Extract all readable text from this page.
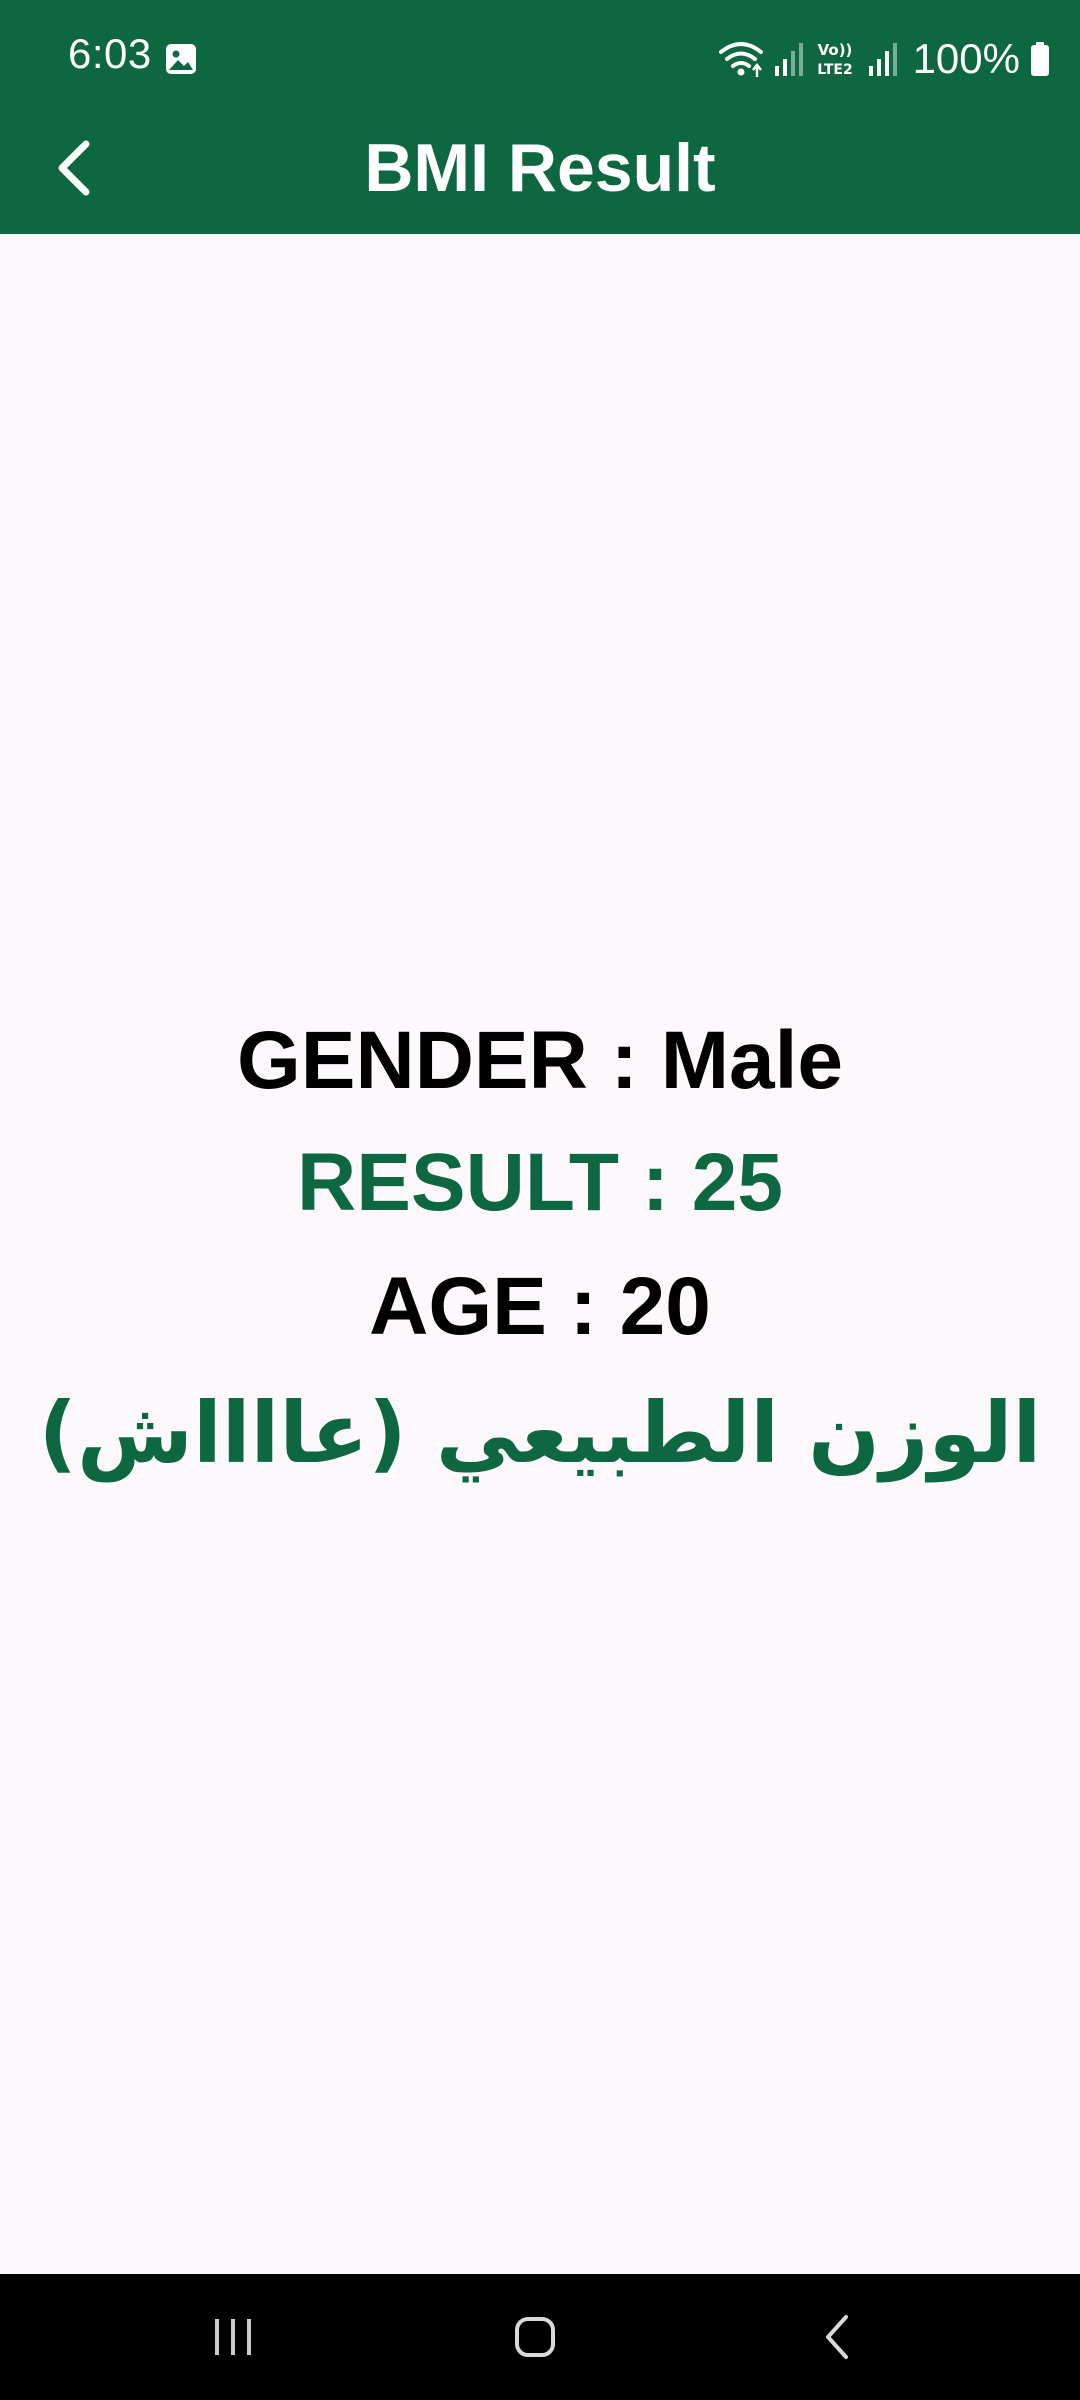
6:03	Vo))
LTE2 100%
BMI Result
GENDER : Male
RESULT : 25
AGE : 20
الوزن الطبيعي (عااااش)
